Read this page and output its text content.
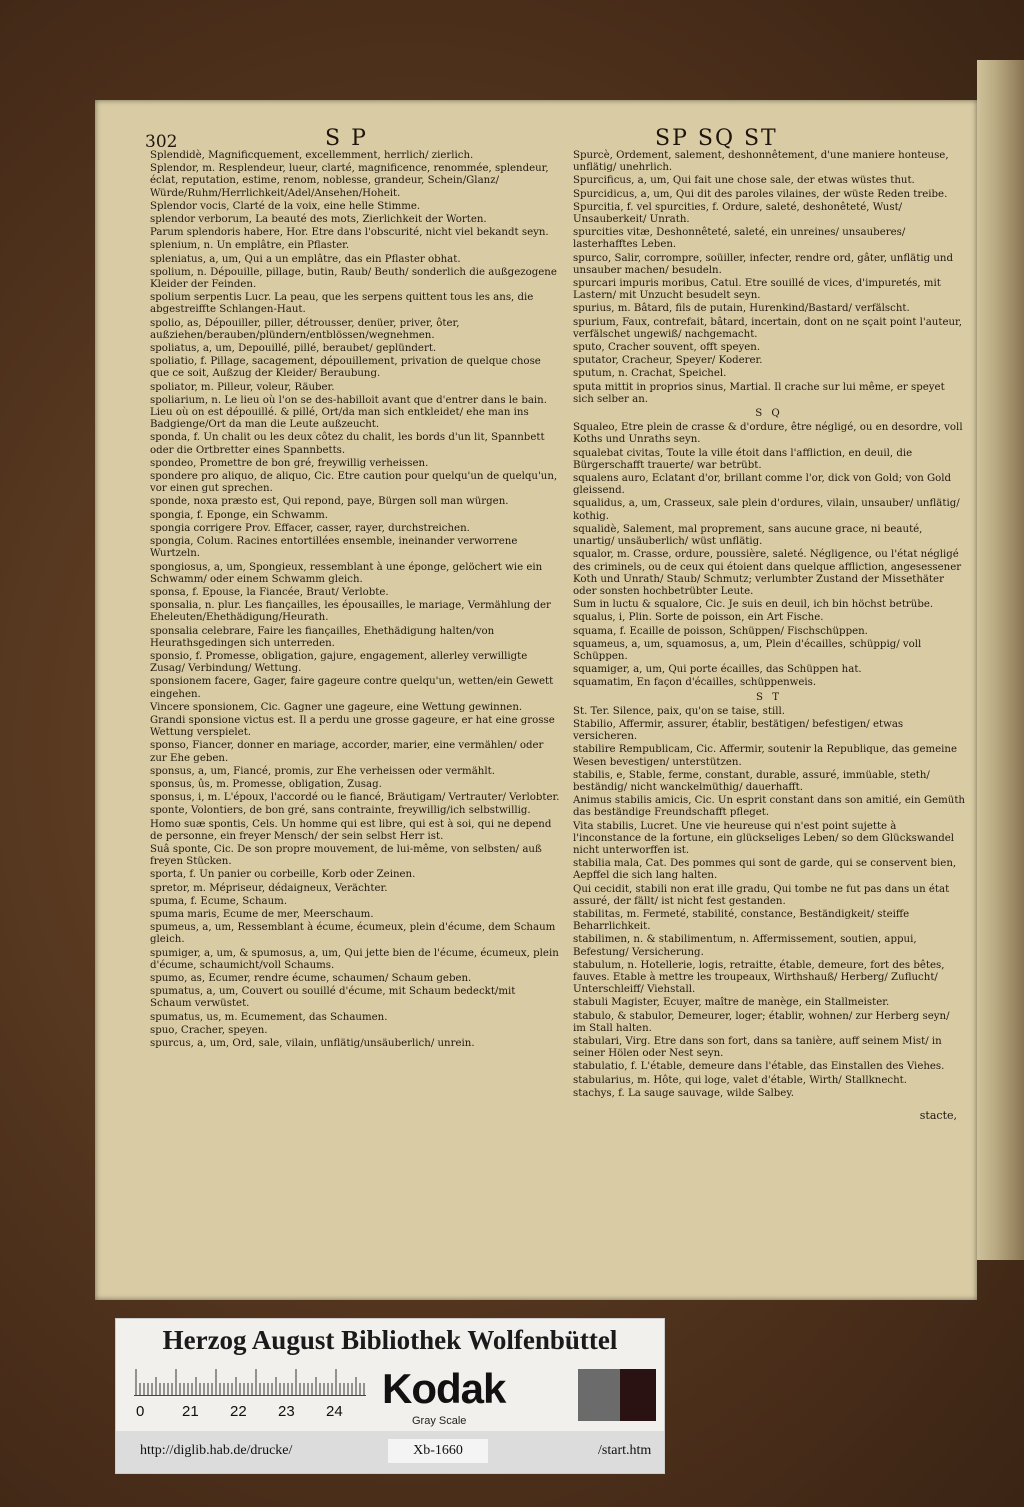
302	S P	SP SQ ST
Splendidè, Magnificquement, excellemment, herrlich/ zierlich.
Splendor, m. Resplendeur, lueur, clarté, magnificence, renommée, splendeur, éclat, reputation, estime, renom, noblesse, grandeur, Schein/Glanz/ Würde/Ruhm/Herrlichkeit/Adel/Ansehen/Hoheit.
Splendor vocis, Clarté de la voix, eine helle Stimme.
splendor verborum, La beauté des mots, Zierlichkeit der Worten.
Parum splendoris habere, Hor. Etre dans l'obscurité, nicht viel bekandt seyn.
splenium, n. Un emplâtre, ein Pflaster.
spleniatus, a, um, Qui a un emplâtre, das ein Pflaster obhat.
spolium, n. Dépouille, pillage, butin, Raub/ Beuth/ sonderlich die außgezogene Kleider der Feinden.
spolium serpentis Lucr. La peau, que les serpens quittent tous les ans, die abgestreiffte Schlangen-Haut.
spolio, as, Dépouiller, piller, détrousser, denüer, priver, ôter, außziehen/berauben/plündern/entblössen/wegnehmen.
spoliatus, a, um, Depouillé, pillé, beraubet/ geplündert.
spoliatio, f. Pillage, sacagement, dépouillement, privation de quelque chose que ce soit, Außzug der Kleider/ Beraubung.
spoliator, m. Pilleur, voleur, Räuber.
spoliarium, n. Le lieu où l'on se des-habilloit avant que d'entrer dans le bain. Lieu où on est dépouillé. & pillé, Ort/da man sich entkleidet/ ehe man ins Badgienge/Ort da man die Leute außzeucht.
sponda, f. Un chalit ou les deux côtez du chalit, les bords d'un lit, Spannbett oder die Ortbretter eines Spannbetts.
spondeo, Promettre de bon gré, freywillig verheissen.
spondere pro aliquo, de aliquo, Cic. Etre caution pour quelqu'un de quelqu'un, vor einen gut sprechen.
sponde, noxa præsto est, Qui repond, paye, Bürgen soll man würgen.
spongia, f. Eponge, ein Schwamm.
spongia corrigere Prov. Effacer, casser, rayer, durchstreichen.
spongia, Colum. Racines entortillées ensemble, ineinander verworrene Wurtzeln.
spongiosus, a, um, Spongieux, ressemblant à une éponge, gelöchert wie ein Schwamm/ oder einem Schwamm gleich.
sponsa, f. Epouse, la Fiancée, Braut/ Verlobte.
sponsalia, n. plur. Les fiançailles, les épousailles, le mariage, Vermählung der Eheleuten/Ehethädigung/Heurath.
sponsalia celebrare, Faire les fiançailles, Ehethädigung halten/von Heurathsgedingen sich unterreden.
sponsio, f. Promesse, obligation, gajure, engagement, allerley verwilligte Zusag/ Verbindung/ Wettung.
sponsionem facere, Gager, faire gageure contre quelqu'un, wetten/ein Gewett eingehen.
Vincere sponsionem, Cic. Gagner une gageure, eine Wettung gewinnen.
Grandi sponsione victus est. Il a perdu une grosse gageure, er hat eine grosse Wettung verspielet.
sponso, Fiancer, donner en mariage, accorder, marier, eine vermählen/ oder zur Ehe geben.
sponsus, a, um, Fiancé, promis, zur Ehe verheissen oder vermählt.
sponsus, ûs, m. Promesse, obligation, Zusag.
sponsus, i, m. L'époux, l'accordé ou le fiancé, Bräutigam/ Vertrauter/ Verlobter.
sponte, Volontiers, de bon gré, sans contrainte, freywillig/ich selbstwillig.
Homo suæ spontis, Cels. Un homme qui est libre, qui est à soi, qui ne depend de personne, ein freyer Mensch/ der sein selbst Herr ist.
Suâ sponte, Cic. De son propre mouvement, de lui-même, von selbsten/ auß freyen Stücken.
sporta, f. Un panier ou corbeille, Korb oder Zeinen.
spretor, m. Mépriseur, dédaigneux, Verächter.
spuma, f. Ecume, Schaum.
spuma maris, Ecume de mer, Meerschaum.
spumeus, a, um, Ressemblant à écume, écumeux, plein d'écume, dem Schaum gleich.
spumiger, a, um, & spumosus, a, um, Qui jette bien de l'écume, écumeux, plein d'écume, schaumicht/voll Schaums.
spumo, as, Ecumer, rendre écume, schaumen/ Schaum geben.
spumatus, a, um, Couvert ou souillé d'écume, mit Schaum bedeckt/mit Schaum verwüstet.
spumatus, us, m. Ecumement, das Schaumen.
spuo, Cracher, speyen.
spurcus, a, um, Ord, sale, vilain, unflätig/unsäuberlich/ unrein.
Spurcè, Ordement, salement, deshonnêtement, d'une maniere honteuse, unflätig/ unehrlich.
Spurcificus, a, um, Qui fait une chose sale, der etwas wüstes thut.
Spurcidicus, a, um, Qui dit des paroles vilaines, der wüste Reden treibe.
Spurcitia, f. vel spurcities, f. Ordure, saleté, deshonêteté, Wust/ Unsauberkeit/ Unrath.
spurcities vitæ, Deshonnêteté, saleté, ein unreines/ unsauberes/ lasterhafftes Leben.
spurco, Salir, corrompre, soüiller, infecter, rendre ord, gâter, unflätig und unsauber machen/ besudeln.
spurcari impuris moribus, Catul. Etre souillé de vices, d'impuretés, mit Lastern/ mit Unzucht besudelt seyn.
spurius, m. Bâtard, fils de putain, Hurenkind/Bastard/ verfälscht.
spurium, Faux, contrefait, bâtard, incertain, dont on ne sçait point l'auteur, verfälschet ungewiß/ nachgemacht.
sputo, Cracher souvent, offt speyen.
sputator, Cracheur, Speyer/ Koderer.
sputum, n. Crachat, Speichel.
sputa mittit in proprios sinus, Martial. Il crache sur lui même, er speyet sich selber an.
S Q
Squaleo, Etre plein de crasse & d'ordure, être négligé, ou en desordre, voll Koths und Unraths seyn.
squalebat civitas, Toute la ville étoit dans l'affliction, en deuil, die Bürgerschafft trauerte/ war betrübt.
squalens auro, Eclatant d'or, brillant comme l'or, dick von Gold; von Gold gleissend.
squalidus, a, um, Crasseux, sale plein d'ordures, vilain, unsauber/ unflätig/ kothig.
squalidè, Salement, mal proprement, sans aucune grace, ni beauté, unartig/ unsäuberlich/ wüst unflätig.
squalor, m. Crasse, ordure, poussière, saleté. Négligence, ou l'état négligé des criminels, ou de ceux qui étoient dans quelque affliction, angesessener Koth und Unrath/ Staub/ Schmutz; verlumbter Zustand der Missethäter oder sonsten hochbetrübter Leute.
Sum in luctu & squalore, Cic. Je suis en deuil, ich bin höchst betrübe.
squalus, i, Plin. Sorte de poisson, ein Art Fische.
squama, f. Ecaille de poisson, Schüppen/ Fischschüppen.
squameus, a, um, squamosus, a, um, Plein d'écailles, schüppig/ voll Schüppen.
squamiger, a, um, Qui porte écailles, das Schüppen hat.
squamatim, En façon d'écailles, schüppenweis.
S T
St. Ter. Silence, paix, qu'on se taise, still.
Stabilio, Affermir, assurer, établir, bestätigen/ befestigen/ etwas versicheren.
stabilire Rempublicam, Cic. Affermir, soutenir la Republique, das gemeine Wesen bevestigen/ unterstützen.
stabilis, e, Stable, ferme, constant, durable, assuré, immüable, steth/ beständig/ nicht wanckelmüthig/ dauerhafft.
Animus stabilis amicis, Cic. Un esprit constant dans son amitié, ein Gemüth das beständige Freundschafft pfleget.
Vita stabilis, Lucret. Une vie heureuse qui n'est point sujette à l'inconstance de la fortune, ein glückseliges Leben/ so dem Glückswandel nicht unterworffen ist.
stabilia mala, Cat. Des pommes qui sont de garde, qui se conservent bien, Aepffel die sich lang halten.
Qui cecidit, stabili non erat ille gradu, Qui tombe ne fut pas dans un état assuré, der fällt/ ist nicht fest gestanden.
stabilitas, m. Fermeté, stabilité, constance, Beständigkeit/ steiffe Beharrlichkeit.
stabilimen, n. & stabilimentum, n. Affermissement, soutien, appui, Befestung/ Versicherung.
stabulum, n. Hotellerie, logis, retraitte, étable, demeure, fort des bêtes, fauves. Etable à mettre les troupeaux, Wirthshauß/ Herberg/ Zuflucht/ Unterschleiff/ Viehstall.
stabuli Magister, Ecuyer, maître de manège, ein Stallmeister.
stabulo, & stabulor, Demeurer, loger; établir, wohnen/ zur Herberg seyn/ im Stall halten.
stabulari, Virg. Etre dans son fort, dans sa tanière, auff seinem Mist/ in seiner Hölen oder Nest seyn.
stabulatio, f. L'étable, demeure dans l'étable, das Einstallen des Viehes.
stabularius, m. Hôte, qui loge, valet d'étable, Wirth/ Stallknecht.
stachys, f. La sauge sauvage, wilde Salbey.
stacte,
Herzog August Bibliothek Wolfenbüttel
0	21 22 23 24 Kodak
Gray Scale
http://diglib.hab.de/drucke/	Xb-1660	/start.htm
